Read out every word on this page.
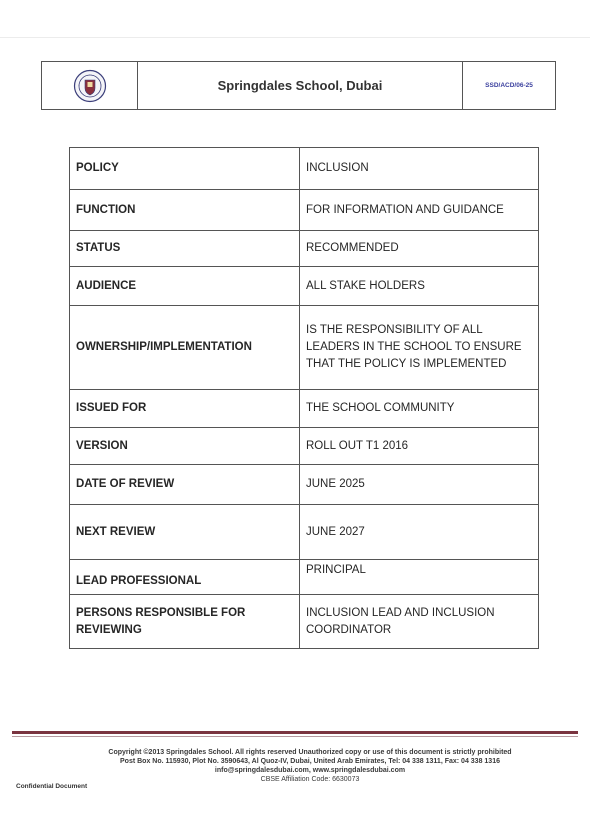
Springdales School, Dubai	SSD/ACD/06-25
POLICY	INCLUSION
FUNCTION	FOR INFORMATION AND GUIDANCE
STATUS	RECOMMENDED
AUDIENCE	ALL STAKE HOLDERS
OWNERSHIP/IMPLEMENTATION	IS THE RESPONSIBILITY OF ALL LEADERS IN THE SCHOOL TO ENSURE THAT THE POLICY IS IMPLEMENTED
ISSUED FOR	THE SCHOOL COMMUNITY
VERSION	ROLL OUT T1 2016
DATE OF REVIEW	JUNE 2025
NEXT REVIEW	JUNE 2027
LEAD PROFESSIONAL	PRINCIPAL
PERSONS RESPONSIBLE FOR REVIEWING	INCLUSION LEAD AND INCLUSION COORDINATOR
Copyright ©2013 Springdales School. All rights reserved Unauthorized copy or use of this document is strictly prohibited
Post Box No. 115930, Plot No. 3590643, Al Quoz-IV, Dubai, United Arab Emirates, Tel: 04 338 1311, Fax: 04 338 1316
info@springdalesdubai.com, www.springdalesdubai.com
CBSE Affiliation Code: 6630073
Confidential Document
